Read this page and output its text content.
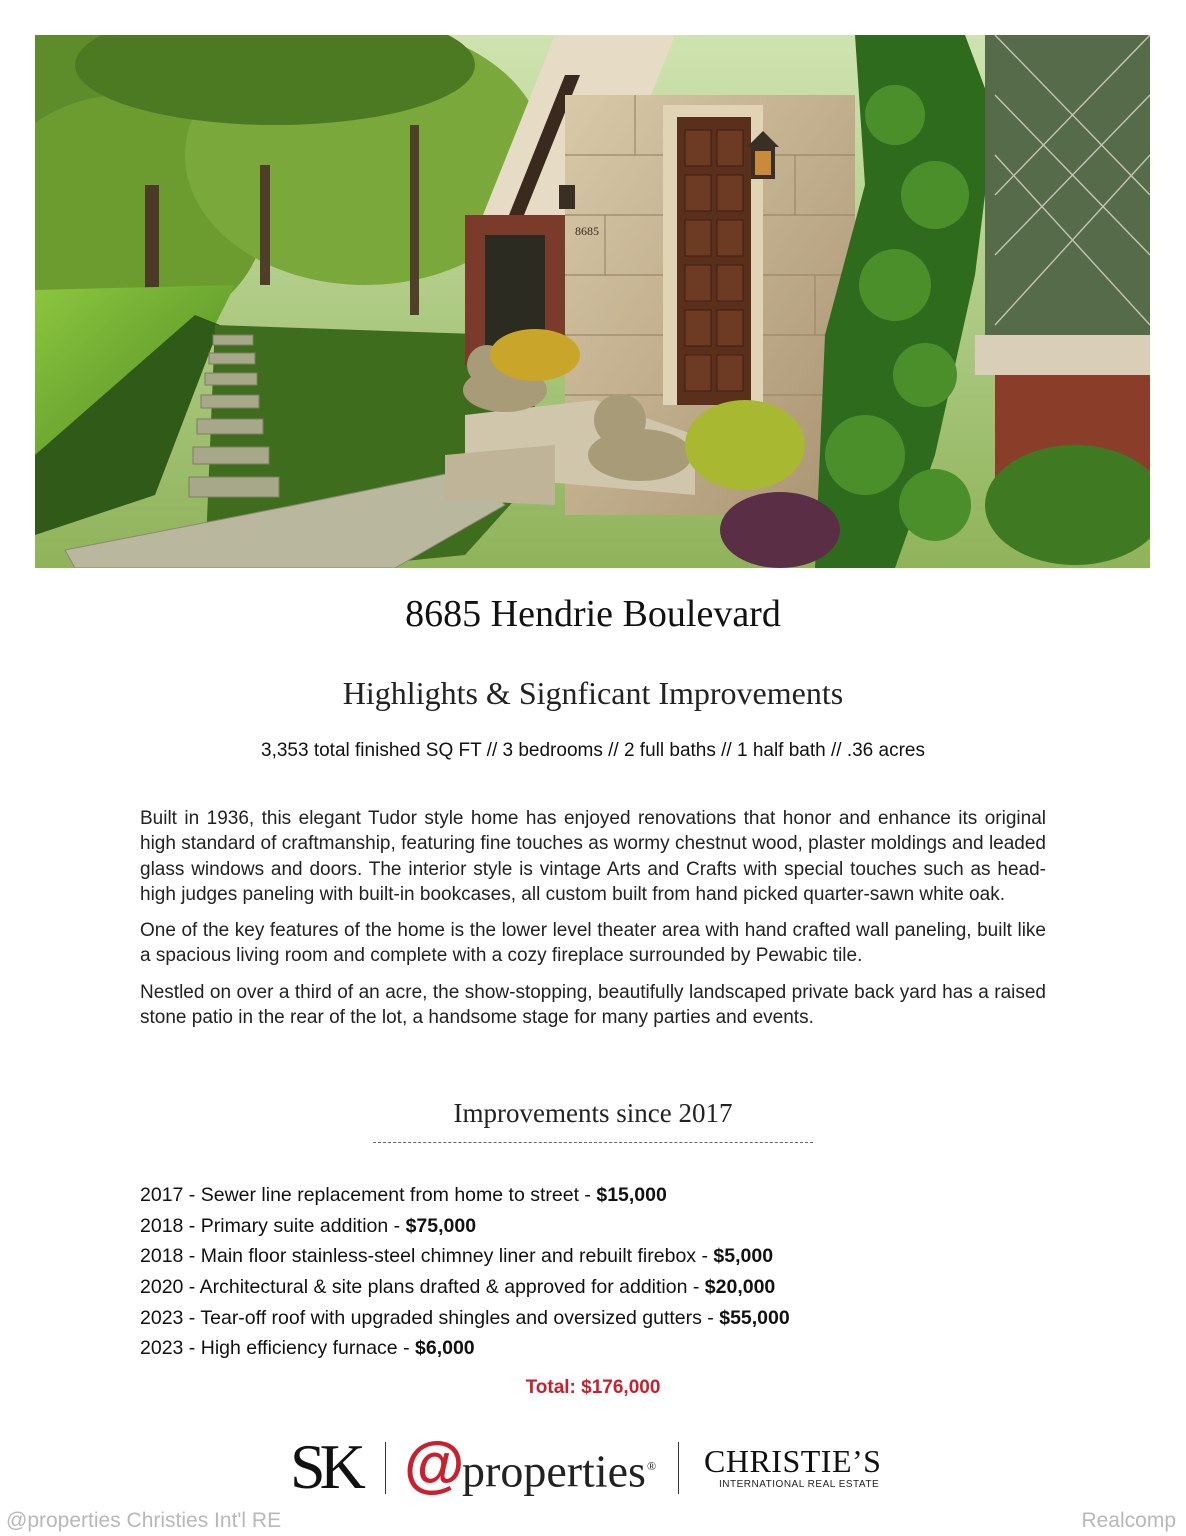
8685
8685 Hendrie Boulevard
Highlights & Signficant Improvements
3,353 total finished SQ FT // 3 bedrooms // 2 full baths // 1 half bath // .36 acres

Built in 1936, this elegant Tudor style home has enjoyed renovations that honor and enhance its original high standard of craftmanship, featuring fine touches as wormy chestnut wood, plaster moldings and leaded glass windows and doors. The interior style is vintage Arts and Crafts with special touches such as head-high judges paneling with built-in bookcases, all custom built from hand picked quarter-sawn white oak.

One of the key features of the home is the lower level theater area with hand crafted wall paneling, built like a spacious living room and complete with a cozy fireplace surrounded by Pewabic tile.

Nestled on over a third of an acre, the show-stopping, beautifully landscaped private back yard has a raised stone patio in the rear of the lot, a handsome stage for many parties and events.

Improvements since 2017
2017 - Sewer line replacement from home to street - $15,000
2018 - Primary suite addition - $75,000
2018 - Main floor stainless-steel chimney liner and rebuilt firebox - $5,000
2020 - Architectural & site plans drafted & approved for addition - $20,000
2023 - Tear-off roof with upgraded shingles and oversized gutters - $55,000
2023 - High efficiency furnace - $6,000
Total: $176,000
SK @
properties® CHRISTIE’S
INTERNATIONAL REAL ESTATE
@properties Christies Int'l RE	Realcomp
